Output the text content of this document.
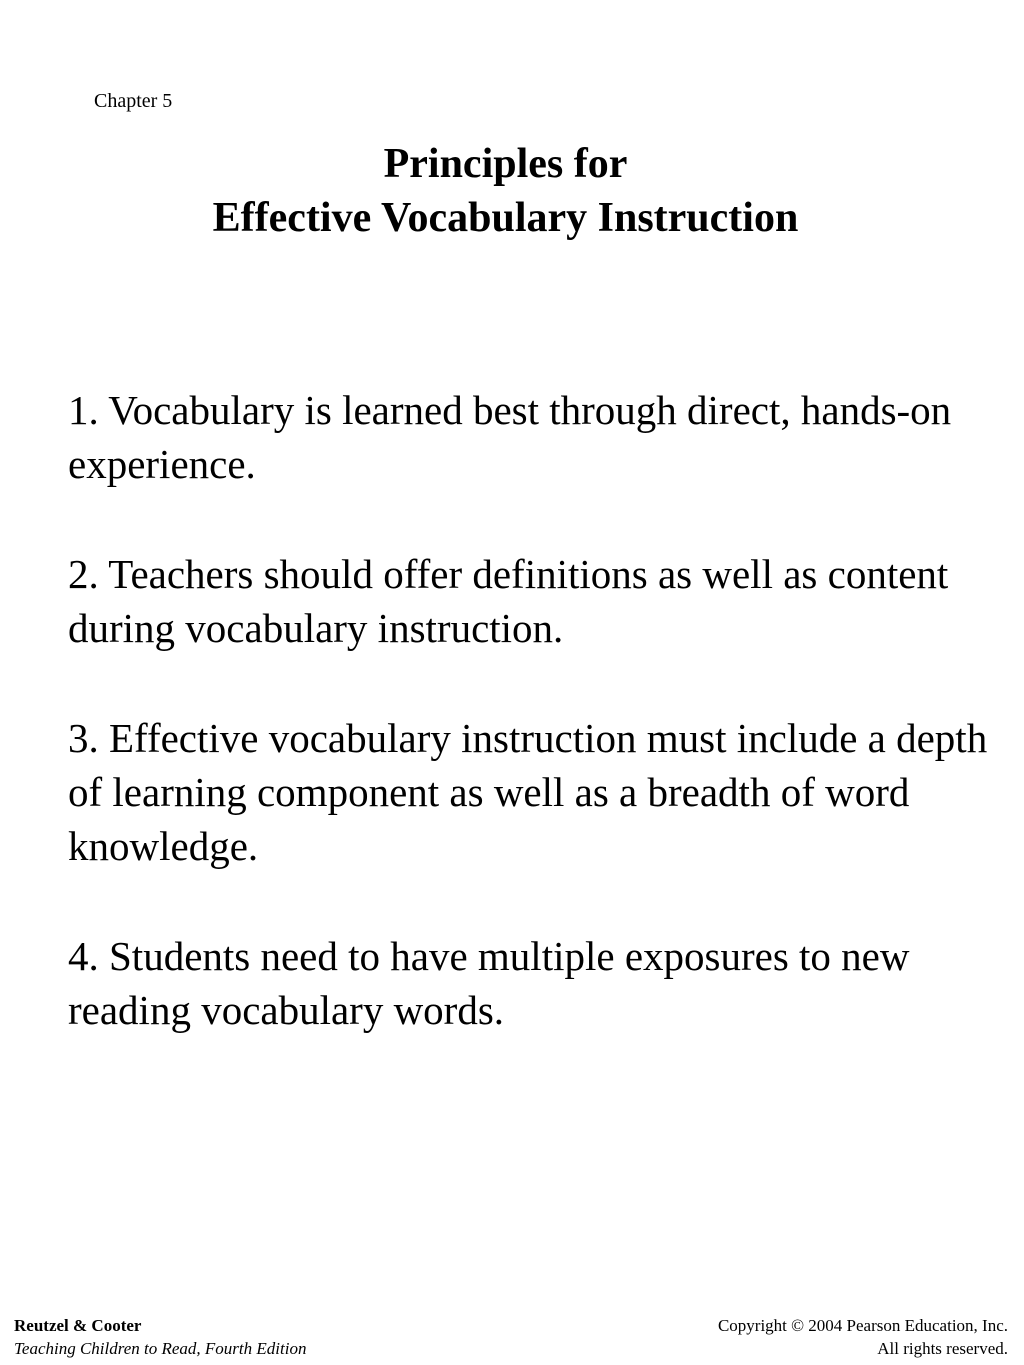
Chapter 5
Principles for
Effective Vocabulary Instruction
1. Vocabulary is learned best through direct, hands-on experience.
2. Teachers should offer definitions as well as content during vocabulary instruction.
3. Effective vocabulary instruction must include a depth of learning component as well as a breadth of word knowledge.
4. Students need to have multiple exposures to new reading vocabulary words.
Reutzel & Cooter
Teaching Children to Read, Fourth Edition
Copyright © 2004 Pearson Education, Inc.
All rights reserved.
